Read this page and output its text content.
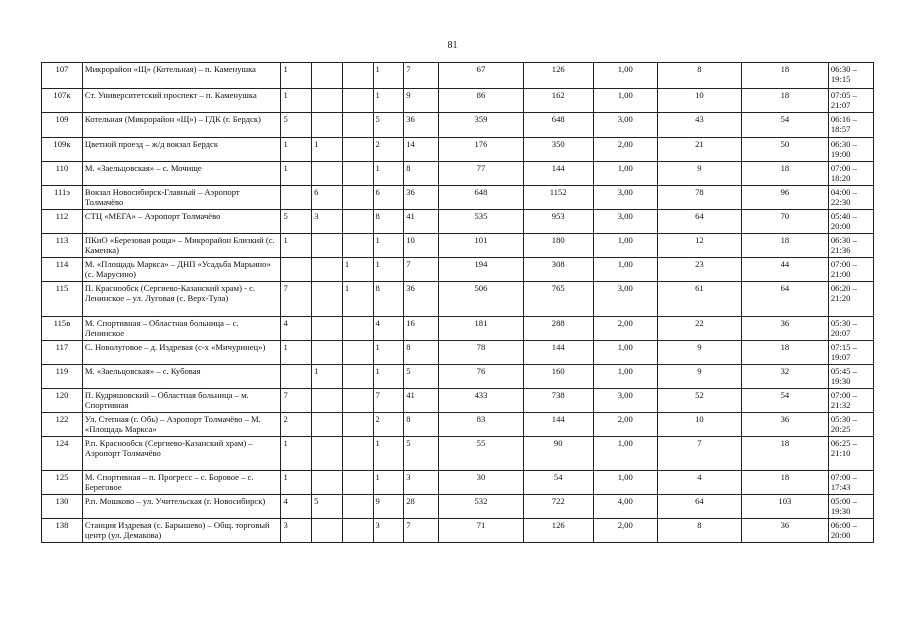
81
107	Микрорайон «Щ» (Котельная) – п. Каменушка	1			1	7	67	126	1,00	8	18	06:30 – 19:15
107к	Ст. Университетский проспект – п. Каменушка	1			1	9	86	162	1,00	10	18	07:05 – 21:07
109	Котельная (Микрорайон «Щ») – ГДК (г. Бердск)	5			5	36	359	648	3,00	43	54	06:16 – 18:57
109к	Цветной проезд – ж/д вокзал Бердск	1	1		2	14	176	350	2,00	21	50	06:30 – 19:00
110	М. «Заельцовская» – с. Мочище	1			1	8	77	144	1,00	9	18	07:00 – 18:20
111э	Вокзал Новосибирск-Главный – Аэропорт Толмачёво		6		6	36	648	1152	3,00	78	96	04:00 – 22:30
112	СТЦ «МЕГА» – Аэропорт Толмачёво	5	3		8	41	535	953	3,00	64	70	05:40 – 20:00
113	ПКиО «Березовая роща» – Микрорайон Близкий (с. Каменка)	1			1	10	101	180	1,00	12	18	06:30 – 21:36
114	М. «Площадь Маркса» – ДНП «Усадьба Марьино» (с. Марусино)			1	1	7	194	308	1,00	23	44	07:00 – 21:00
115	П. Краснообск (Сергиево-Казанский храм) - с. Ленинское – ул. Луговая (с. Верх-Тула)	7		1	8	36	506	765	3,00	61	64	06:20 – 21:20
115в	М. Спортивная – Областная больница – с. Ленинское	4			4	16	181	288	2,00	22	36	05:30 – 20:07
117	С. Новолуговое – д. Издревая (с-х «Мичуринец»)	1			1	8	78	144	1,00	9	18	07:15 – 19:07
119	М. «Заельцовская» – с. Кубовая		1		1	5	76	160	1,00	9	32	05:45 – 19:30
120	П. Кудряшовский – Областная больница – м. Спортивная	7			7	41	433	738	3,00	52	54	07:00 – 21:32
122	Ул. Степная (г. Обь) – Аэропорт Толмачёво – М. «Площадь Маркса»	2			2	8	83	144	2,00	10	36	05:30 – 20:25
124	Р.п. Краснообск (Сергиево-Казанский храм) – Аэропорт Толмачёво	1			1	5	55	90	1,00	7	18	06:25 – 21:10
125	М. Спортивная – п. Прогресс – с. Боровое – с. Береговое	1			1	3	30	54	1,00	4	18	07:00 – 17:43
130	Р.п. Мошково – ул. Учительская (г. Новосибирск)	4	5		9	28	532	722	4,00	64	103	05:00 – 19:30
138	Станция Издревая (с. Барышево) – Общ. торговый центр (ул. Демакова)	3			3	7	71	126	2,00	8	36	06:00 – 20:00
